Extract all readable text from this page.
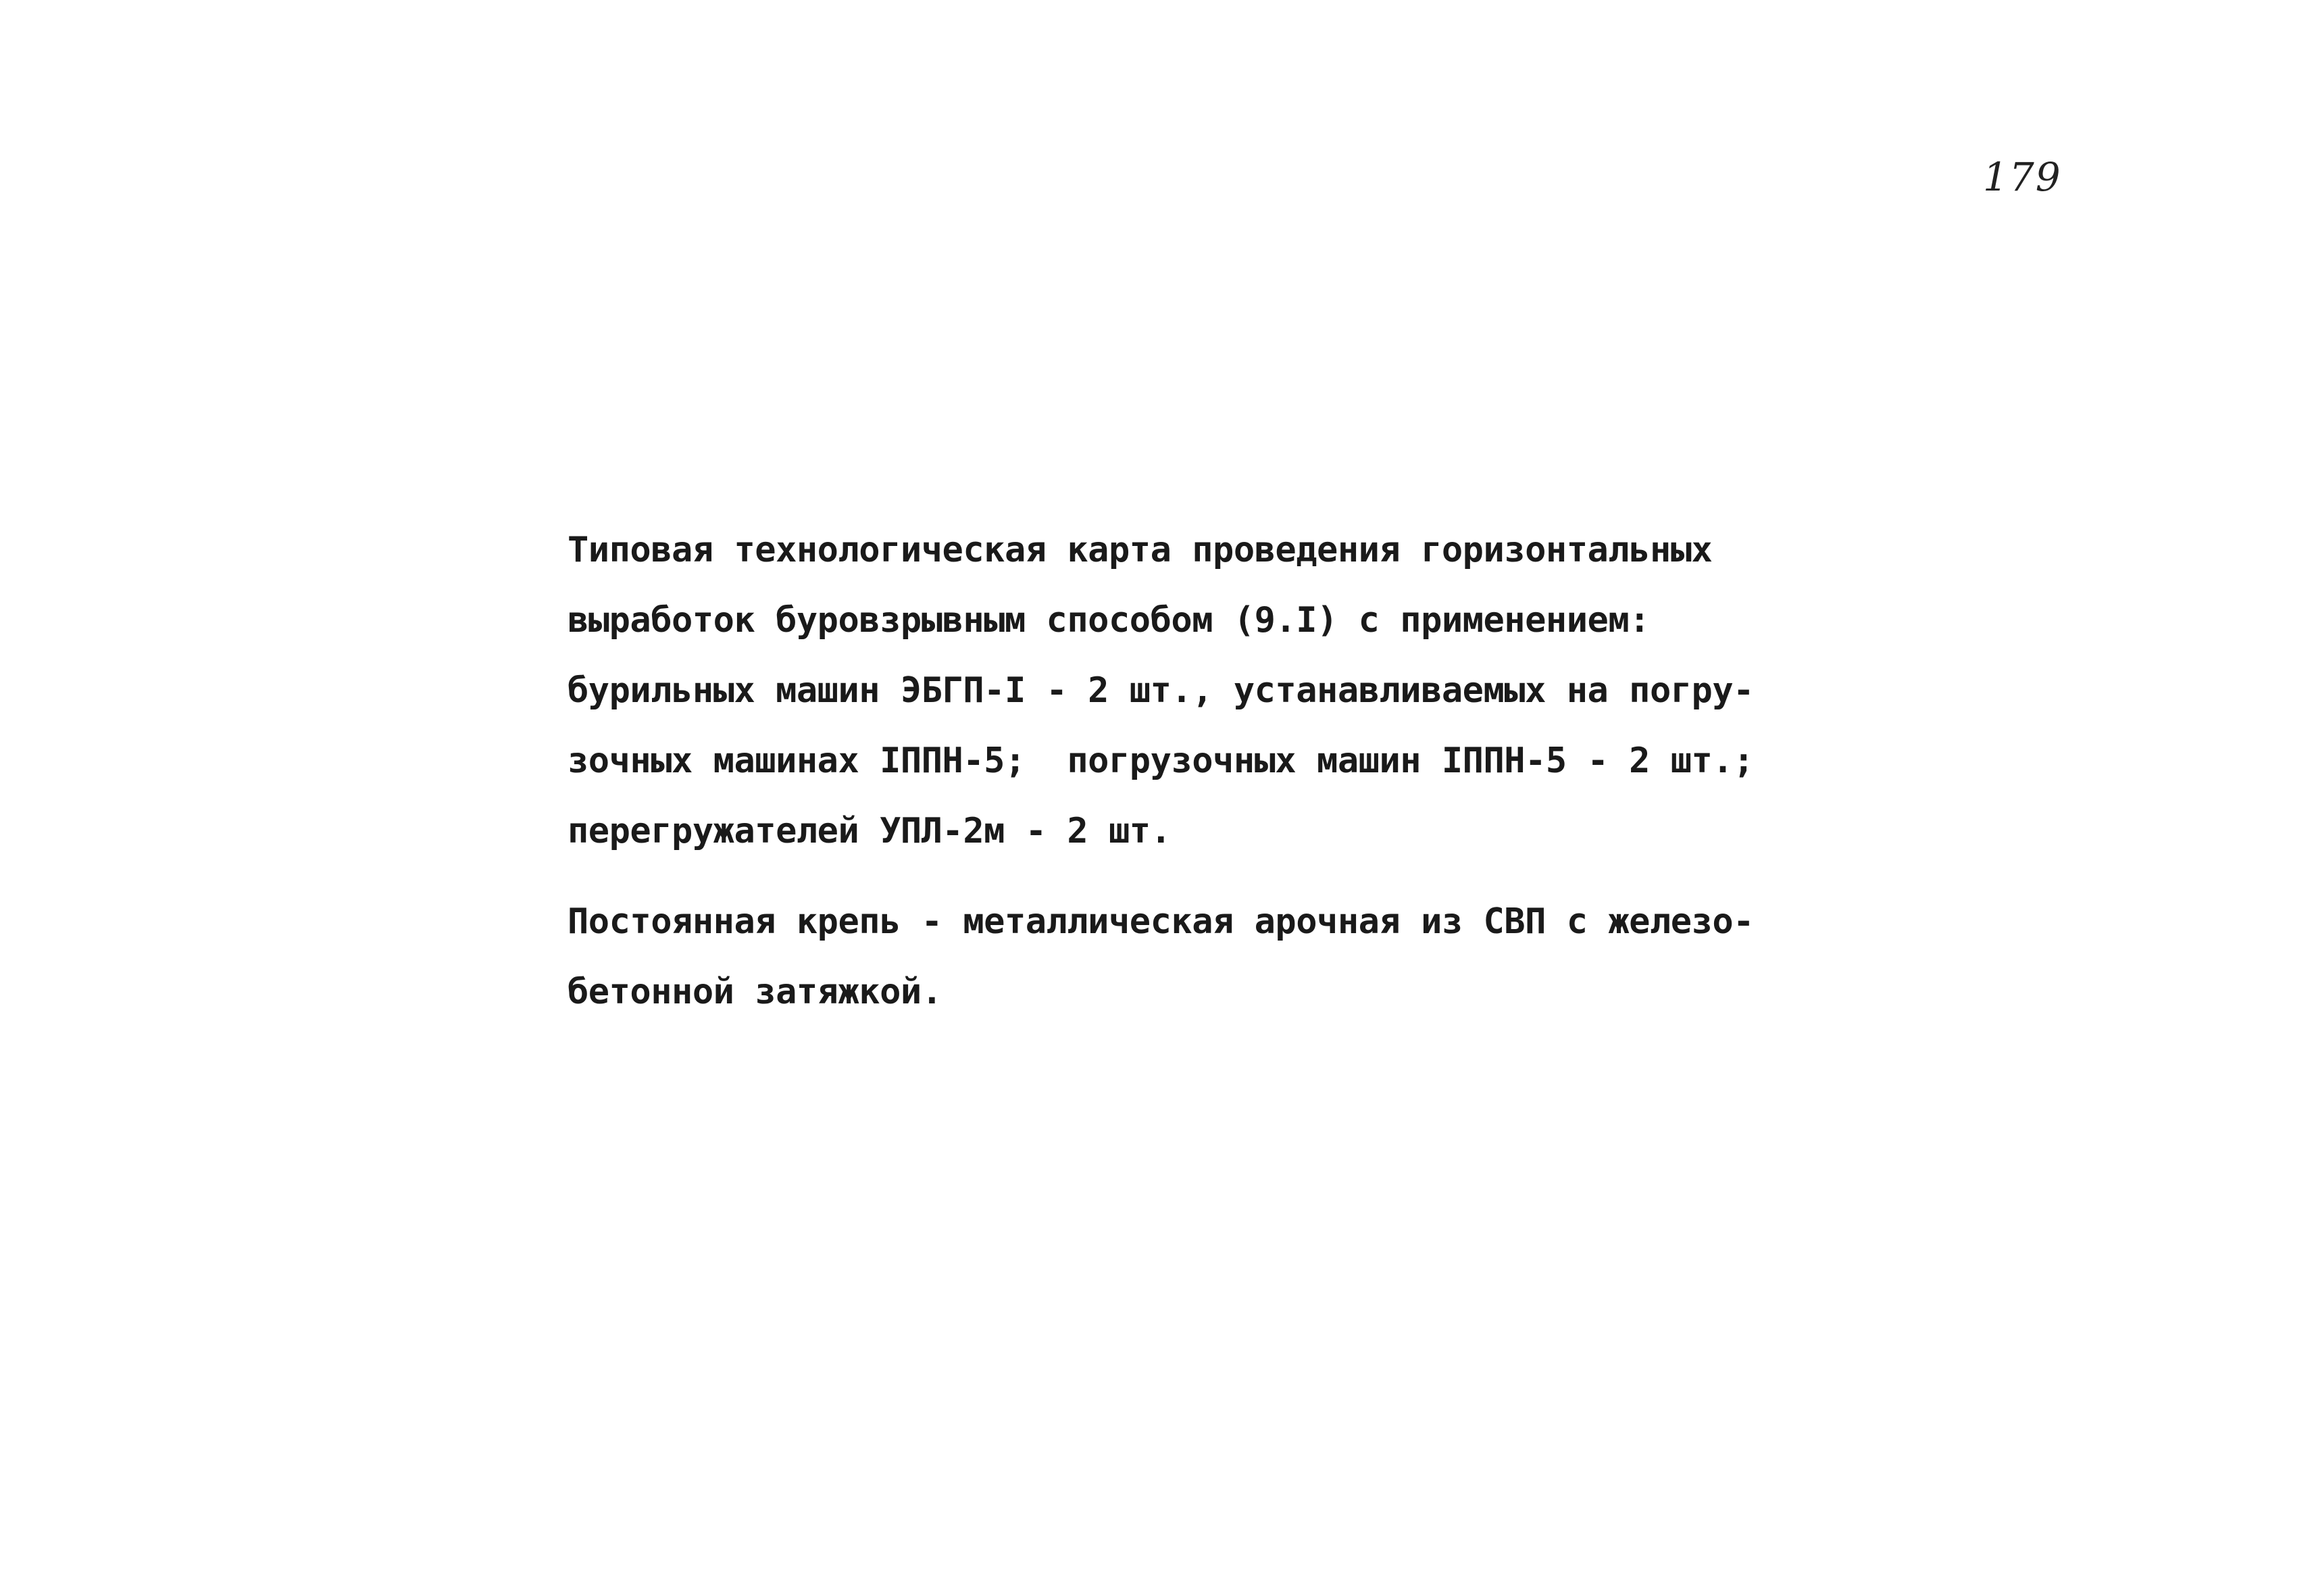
179
Типовая технологическая карта проведения горизонтальных
выработок буровзрывным способом (9.I) с применением:
бурильных машин ЭБГП-I - 2 шт., устанавливаемых на погру-
зочных машинах IППН-5;  погрузочных машин IППН-5 - 2 шт.;
перегружателей УПЛ-2м - 2 шт.
Постоянная крепь - металлическая арочная из СВП с железо-
бетонной затяжкой.
